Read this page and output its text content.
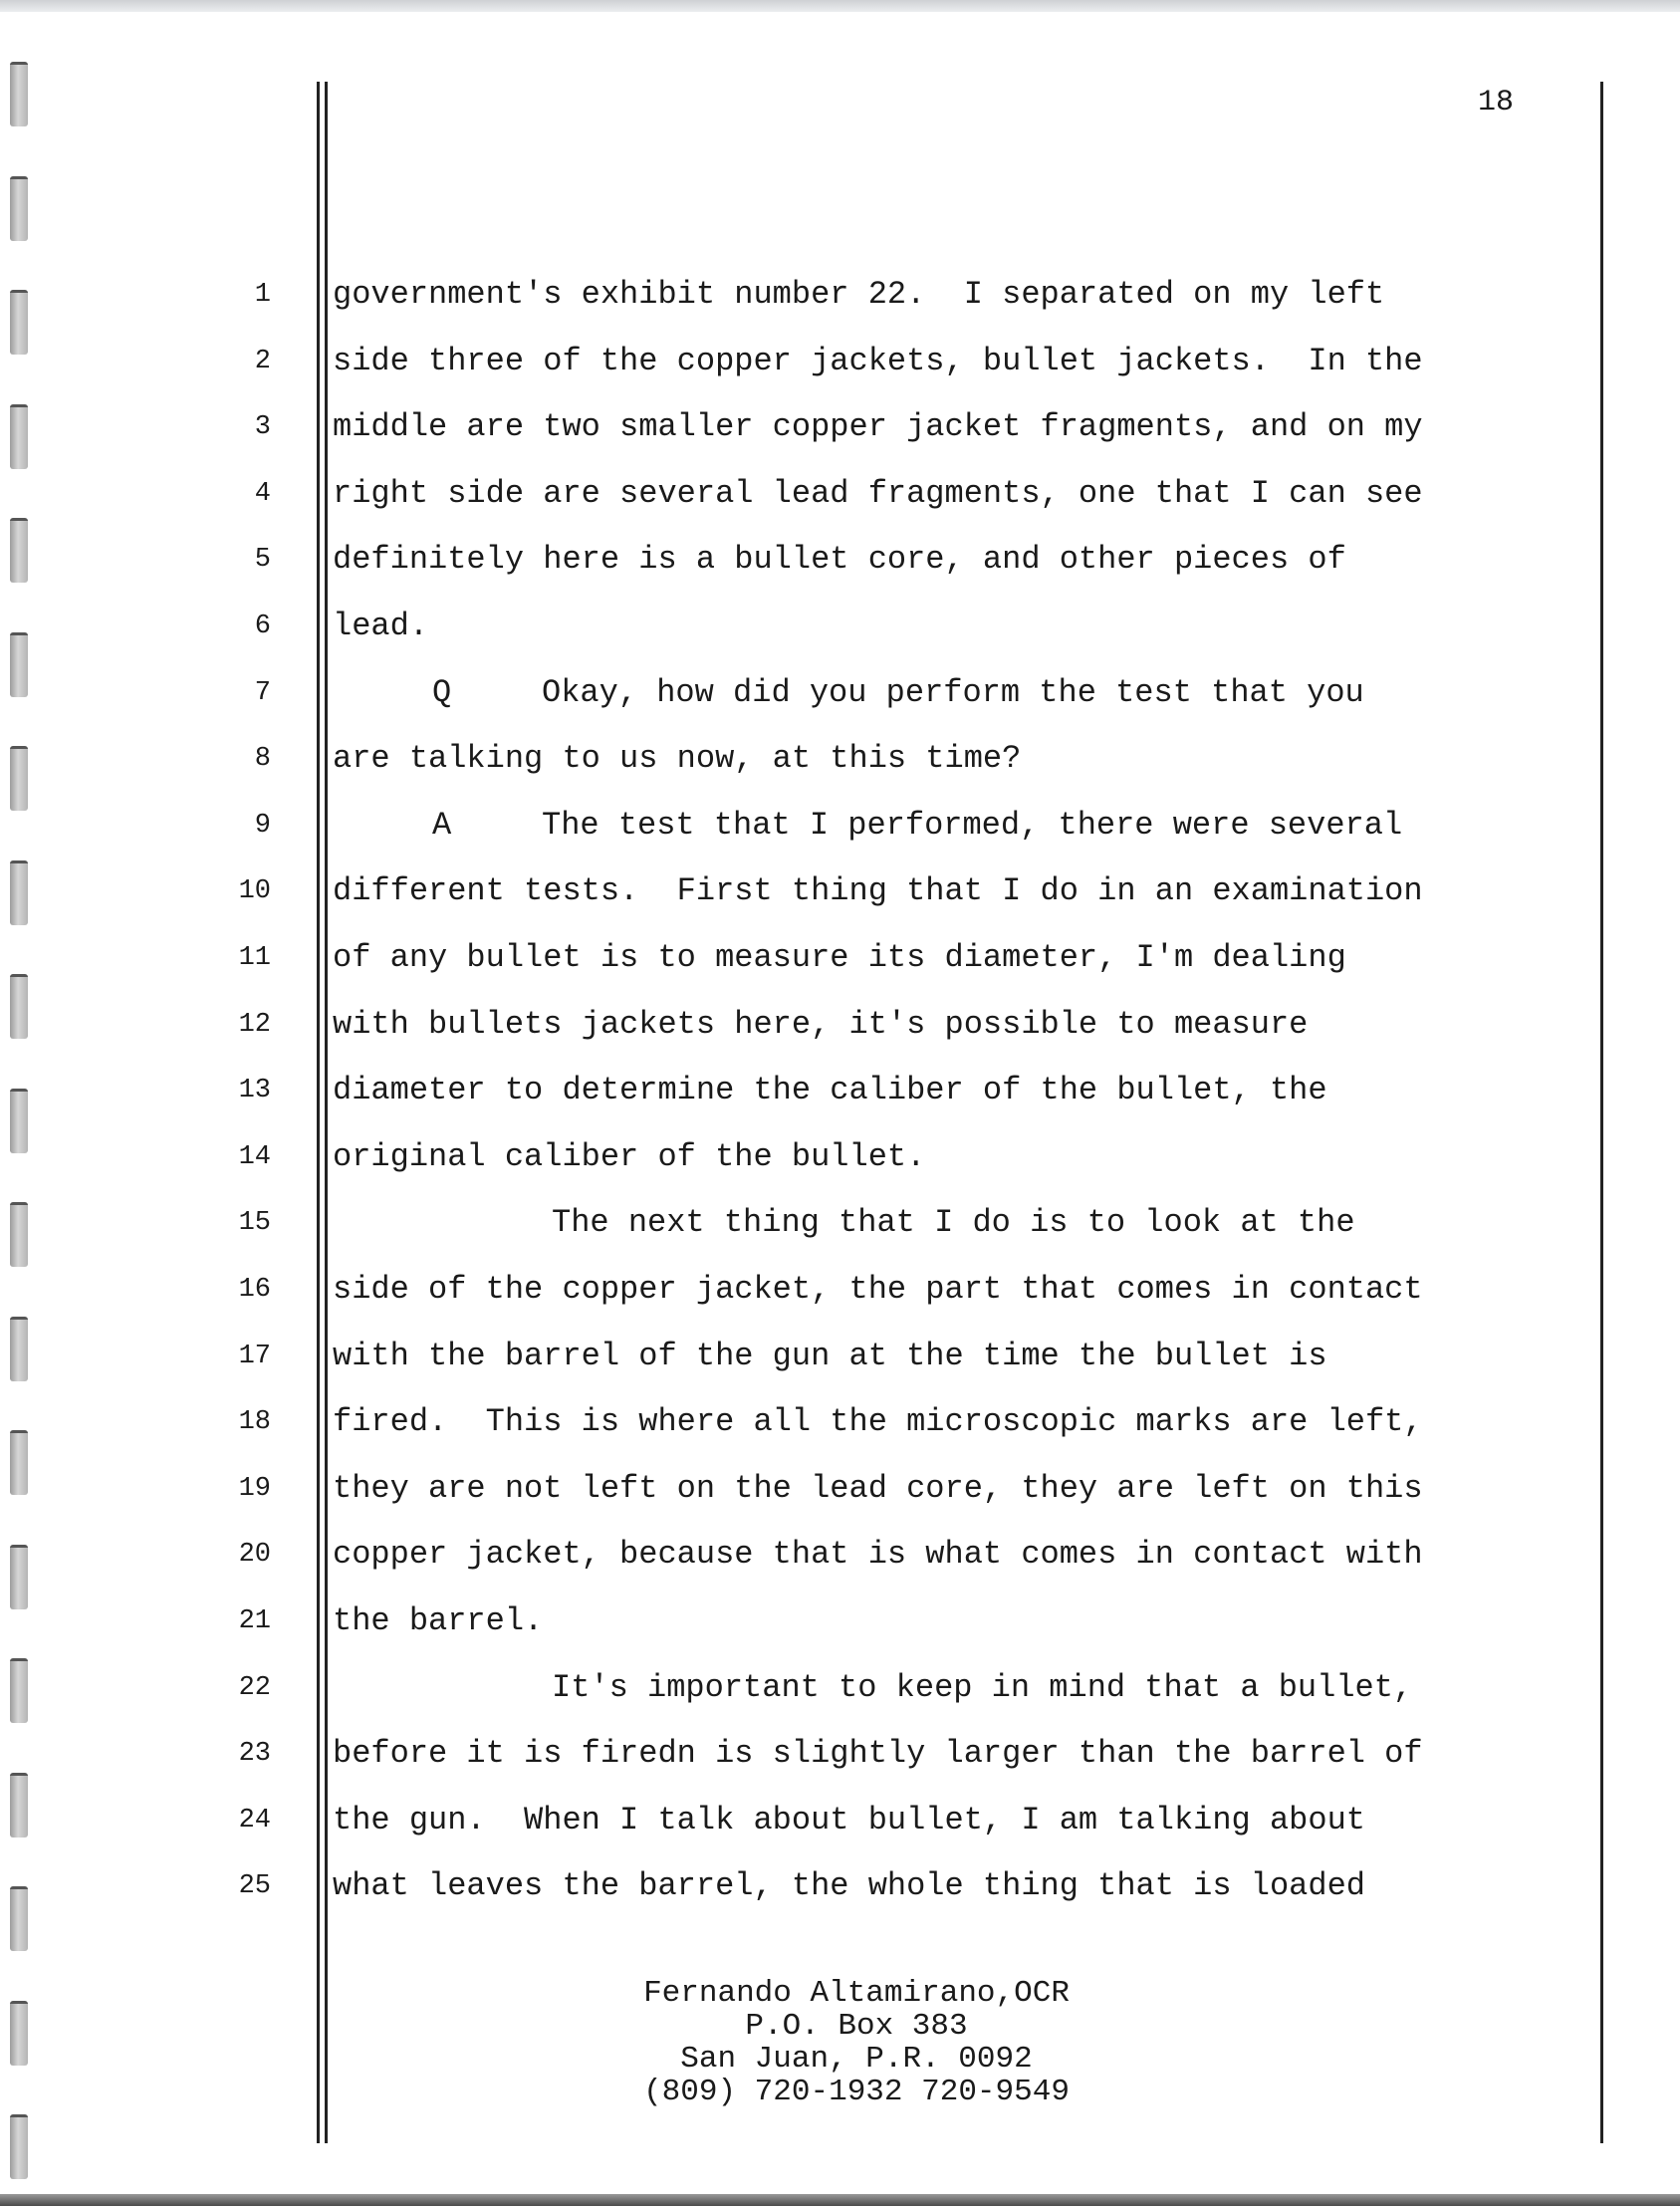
18
1
2
3
4
5
6
7
8
9
10
11
12
13
14
15
16
17
18
19
20
21
22
23
24
25
government's exhibit number 22.  I separated on my left
side three of the copper jackets, bullet jackets.  In the
middle are two smaller copper jacket fragments, and on my
right side are several lead fragments, one that I can see
definitely here is a bullet core, and other pieces of
lead.
Q	Okay, how did you perform the test that you
are talking to us now, at this time?
A	The test that I performed, there were several
different tests.  First thing that I do in an examination
of any bullet is to measure its diameter, I'm dealing
with bullets jackets here, it's possible to measure
diameter to determine the caliber of the bullet, the
original caliber of the bullet.
The next thing that I do is to look at the
side of the copper jacket, the part that comes in contact
with the barrel of the gun at the time the bullet is
fired.  This is where all the microscopic marks are left,
they are not left on the lead core, they are left on this
copper jacket, because that is what comes in contact with
the barrel.
It's important to keep in mind that a bullet,
before it is firedn is slightly larger than the barrel of
the gun.  When I talk about bullet, I am talking about
what leaves the barrel, the whole thing that is loaded
Fernando Altamirano,OCR
P.O. Box 383
San Juan, P.R. 0092
(809) 720-1932 720-9549
